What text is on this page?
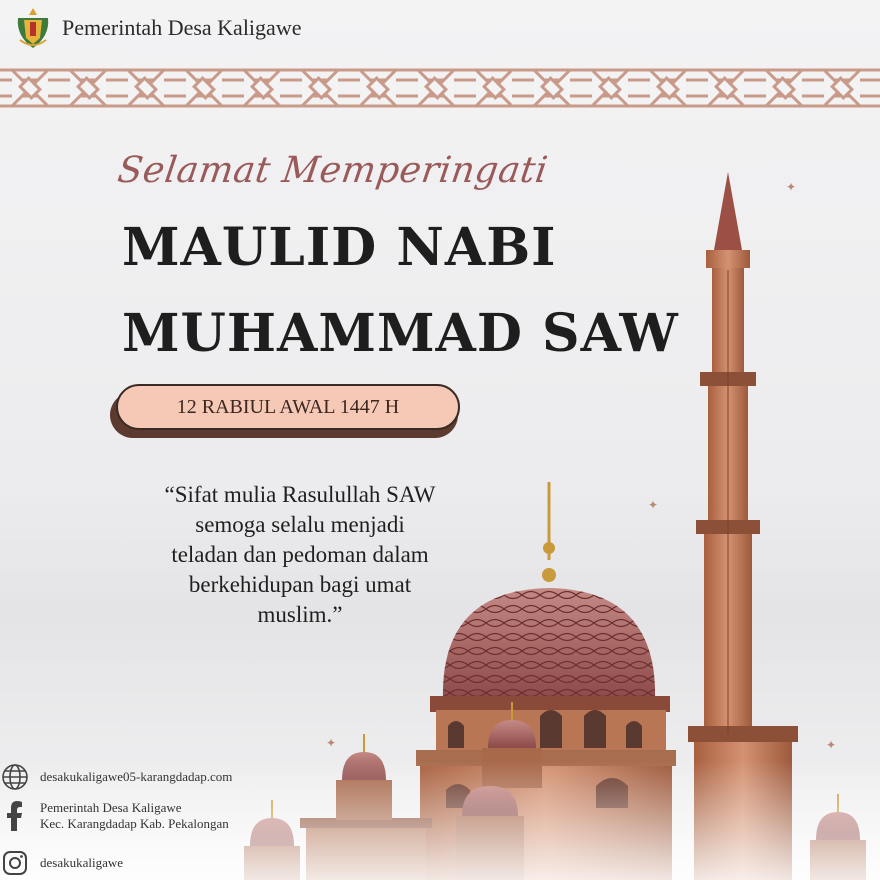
Pemerintah Desa Kaligawe
✦
✦
✦	✦
Selamat Memperingati
MAULID NABI
MUHAMMAD SAW
12 RABIUL AWAL 1447 H
“Sifat mulia Rasulullah SAW
semoga selalu menjadi
teladan dan pedoman dalam
berkehidupan bagi umat
muslim.”
desakukaligawe05-karangdadap.com
Pemerintah Desa Kaligawe
Kec. Karangdadap Kab. Pekalongan
desakukaligawe
